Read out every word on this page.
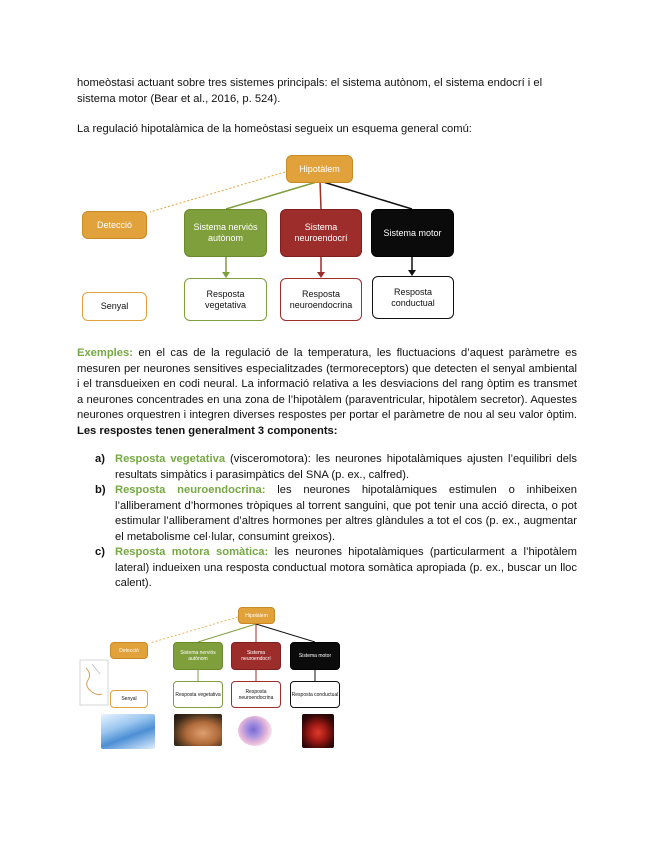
homeòstasi actuant sobre tres sistemes principals: el sistema autònom, el sistema endocrí i el
sistema motor (Bear et al., 2016, p. 524).

La regulació hipotalàmica de la homeòstasi segueix un esquema general comú:

Hipotàlem
Detecció	Sistema nerviós autònom
Sistema neuroendocrí
Sistema motor
Senyal
Resposta vegetativa
Resposta neuroendocrina
Resposta conductual

Exemples: en el cas de la regulació de la temperatura, les fluctuacions d’aquest paràmetre es mesuren per neurones sensitives especialitzades (termoreceptors) que detecten el senyal ambiental i el transdueixen en codi neural. La informació relativa a les desviacions del rang òptim es transmet a neurones concentrades en una zona de l’hipotàlem (paraventricular, hipotàlem secretor). Aquestes neurones orquestren i integren diverses respostes per portar el paràmetre de nou al seu valor òptim. Les respostes tenen generalment 3 components:

a) Resposta vegetativa (visceromotora): les neurones hipotalàmiques ajusten l’equilibri dels resultats simpàtics i parasimpàtics del SNA (p. ex., calfred).
b) Resposta neuroendocrina: les neurones hipotalàmiques estimulen o inhibeixen l’alliberament d’hormones tròpiques al torrent sanguini, que pot tenir una acció directa, o pot estimular l’alliberament d’altres hormones per altres glàndules a tot el cos (p. ex., augmentar el metabolisme cel·lular, consumint greixos).
c) Resposta motora somàtica: les neurones hipotalàmiques (particularment a l’hipotàlem lateral) indueixen una resposta conductual motora somàtica apropiada (p. ex., buscar un lloc calent).
Hipotàlem
Detecció	Sistema nerviós autònom
Sistema neuroendocrí	Sistema motor
Senyal
Resposta vegetativa	Resposta neuroendocrina	Resposta conductual
